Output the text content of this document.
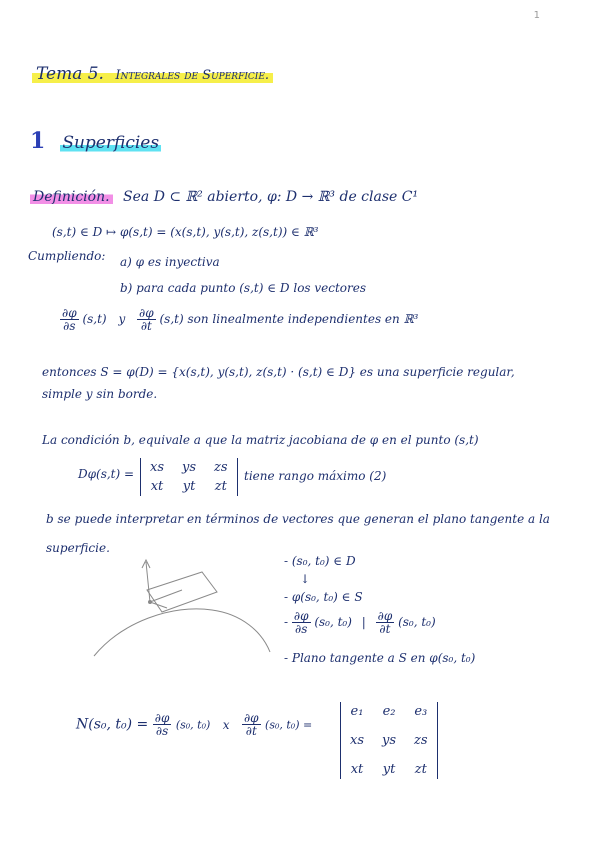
1
Tema 5. Integrales de Superficie.
1 Superficies
Definición. Sea D ⊂ ℝ² abierto, φ: D → ℝ³ de clase C¹
(s,t) ∈ D ↦ φ(s,t) = (x(s,t), y(s,t), z(s,t)) ∈ ℝ³
Cumpliendo: a) φ es inyectiva
b) para cada punto (s,t) ∈ D los vectores
$\frac{\partial\varphi}{\partial s} (s,t)$ y $\frac{\partial\varphi}{\partial t} (s,t)$ son linealmente independientes en ℝ³
entonces S = φ(D) = {x(s,t), y(s,t), z(s,t) · (s,t) ∈ D} es una superficie regular,
simple y sin borde.
La condición b, equivale a que la matriz jacobiana de φ en el punto (s,t)
Dφ(s,t) = xs	ys	zs
xt	yt	zt
tiene rango máximo (2)
b se puede interpretar en términos de vectores que generan el plano tangente a la
superficie.
- (s₀, t₀) ∈ D
↓
- φ(s₀, t₀) ∈ S
- $\frac{\partial\varphi}{\partial s} (s_0$, t₀) | $\frac{\partial\varphi}{\partial t} (s_0$, t₀)
- Plano tangente a S en φ(s₀, t₀)
N(s₀, $t_0) = \frac{\partial\varphi}{\partial s} (s_0$, t₀) x $\frac{\partial\varphi}{\partial t} (s_0$, t₀) =
e₁	e₂	e₃
xs	ys	zs
xt	yt	zt
